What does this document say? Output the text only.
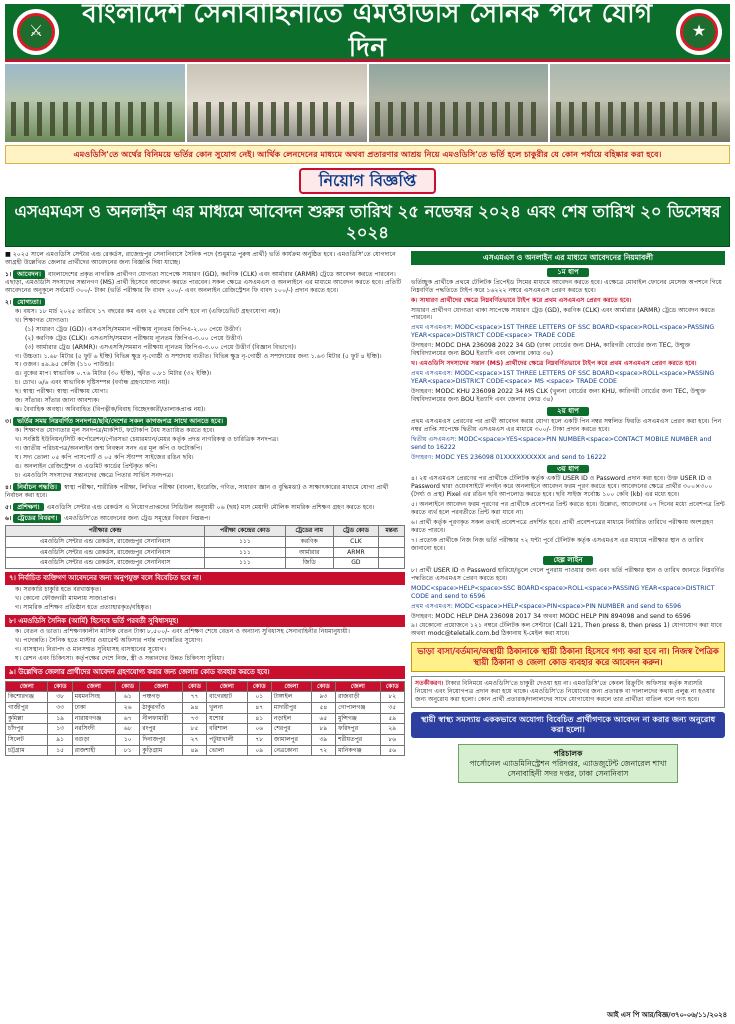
⚔
বাংলাদেশ সেনাবাহিনীতে এমওডিসি সৈনিক পদে যোগ দিন
★
এমওডিসি'তে অর্থের বিনিময়ে ভর্তির কোন সুযোগ নেই। আর্থিক লেনদেনের মাধ্যমে অথবা প্রতারণার আশ্রয় নিয়ে এমওডিসি'তে ভর্তি হলে চাকুরীর যে কোন পর্যায়ে বহিষ্কার করা হবে।
নিয়োগ বিজ্ঞপ্তি
এসএমএস ও অনলাইন এর মাধ্যমে আবেদন শুরুর তারিখ ২৫ নভেম্বর ২০২৪ এবং শেষ তারিখ ২০ ডিসেম্বর ২০২৪
■ ২০২৫ সালে এমওডিসি সেন্টার এন্ড রেকর্ডস, রাজেন্দ্রপুর সেনানিবাসে সৈনিক পদে (শুধুমাত্র পুরুষ প্রার্থী) ভর্তি কার্যক্রম অনুষ্ঠিত হবে। এমওডিসি'তে যোগদানে আগ্রহী উল্লেখিত জেলার প্রার্থীদের আবেদনের জন্য বিজ্ঞপ্তি দিয়া যাচ্ছে।
১। আবেদন। বাংলাদেশের প্রকৃত নাগরিক প্রার্থীগণ যোগ্যতা সাপেক্ষে সাধারণ (GD), করণিক (CLK) এবং আর্মারার (ARMR) ট্রেডে আবেদন করতে পারবেন। এছাড়া, এমওডিসি সদস্যদের সন্তানগণ (MS) প্রার্থী হিসেবে আবেদন করতে পারবেন। সকল ক্ষেত্রে এসএমএস ও অনলাইনে এর মাধ্যমে আবেদন করতে হবে। প্রতিটি আবেদনের অনুকূলে সর্বমোট ৩০০/- টাকা (ভর্তি পরীক্ষার ফি বাবদ ২০০/- এবং অনলাইন রেজিস্ট্রেশন ফি বাবদ ১০০/-) প্রদান করতে হবে।
২। যোগ্যতা।
ক। বয়স। ১৮ মার্চ ২০২৫ তারিখে ১৭ বছরের কম এবং ২৫ বছরের বেশি হবে না (এফিডেভিট গ্রহণযোগ্য নয়)।
খ। শিক্ষাগত যোগ্যতা।
(১) সাধারণ ট্রেড (GD)। এসএসসি/সমমান পরীক্ষায় ন্যূনতম জিপিএ-২.০০ পেয়ে উত্তীর্ণ।
(২) করণিক ট্রেড (CLK)। এসএসসি/সমমান পরীক্ষায় ন্যূনতম জিপিএ-৩.০০ পেয়ে উত্তীর্ণ।
(৩) আর্মারার ট্রেড (ARMR)। এসএসসি/সমমান পরীক্ষায় ন্যূনতম জিপিএ-৩.০০ পেয়ে উত্তীর্ণ (বিজ্ঞান বিভাগে)।
গ। উচ্চতা। ১.৬৮ মিটার (৫ ফুট ৬ ইঞ্চি) বিভিন্ন ক্ষুদ্র নৃ-গোষ্ঠী ও সম্প্রদায় ব্যতীত। বিভিন্ন ক্ষুদ্র নৃ-গোষ্ঠী ও সম্প্রদায়ের জন্য ১.৬৩ মিটার (৫ ফুট ৪ ইঞ্চি)।
ঘ। ওজন। ৪৯.৯৫ কেজি (১১০ পাউন্ড)।
ঙ। বুকের মাপ। স্বাভাবিক ০.৭৬ মিটার (৩০ ইঞ্চি), স্ফীত ০.৮১ মিটার (৩২ ইঞ্চি)।
চ। চোখ। ৬/৬ এবং স্বাভাবিক দৃষ্টিসম্পন্ন (বর্ণান্ধ গ্রহণযোগ্য নয়)।
ছ। স্বাস্থ্য পরীক্ষা। স্বাস্থ্য পরীক্ষায় যোগ্য।
জ। সাঁতার। সাঁতার জানা আবশ্যক।
ঝ। বৈবাহিক অবস্থা। অবিবাহিত (বিপত্নীক/বিবাহ বিচ্ছেদকারী/তালাকপ্রাপ্ত নয়)।
৩। ভর্তির সময় নিম্নবর্ণিত সনদপত্র/ছবি/দেশের সকল কাগজপত্র সাথে আনতে হবে।
ক। শিক্ষাগত যোগ্যতার মূল সনদপত্র/মার্কশিট, ফটোকপি বৈধ সত্যায়িত করতে হবে।
খ। সংশ্লিষ্ট ইউনিয়ন/সিটি কর্পোরেশন/পৌরসভা চেয়ারম্যান/মেয়র কর্তৃক প্রদত্ত নাগরিকত্ব ও চারিত্রিক সনদপত্র।
গ। জাতীয় পরিচয়পত্র/অনলাইন জন্ম নিবন্ধন সনদ এর মূল কপি ও ফটোকপি।
ঘ। সদ্য তোলা ০৫ কপি পাসপোর্ট ও ০৫ কপি স্ট্যাম্প সাইজের রঙিন ছবি।
ঙ। অনলাইন রেজিস্ট্রেশন ও এডমিট কার্ডের প্রিন্টকৃত কপি।
চ। এমওডিসি সদস্যদের সন্তানদের ক্ষেত্রে পিতার সার্ভিস সনদপত্র।
৪। নির্বাচন পদ্ধতি। স্বাস্থ্য পরীক্ষা, শারীরিক পরীক্ষা, লিখিত পরীক্ষা (বাংলা, ইংরেজি, গণিত, সাধারণ জ্ঞান ও বুদ্ধিমত্তা) ও সাক্ষাৎকারের মাধ্যমে যোগ্য প্রার্থী নির্বাচন করা হবে।
৫। প্রশিক্ষণ। এমওডিসি সেন্টার এন্ড রেকর্ডস এ নিয়োগপ্রাপ্তদের সিডিউল অনুযায়ী ০৬ (ছয়) মাস মেয়াদী মৌলিক সামরিক প্রশিক্ষণ গ্রহণ করতে হবে।
৬। ট্রেডের বিবরণ। এমওডিসি'তে আবেদনের জন্য ট্রেড সমূহের বিবরণ নিম্নরূপ।
পরীক্ষার কেন্দ্র	পরীক্ষা কেন্দ্রের কোড	ট্রেডের নাম	ট্রেড কোড	মন্তব্য
এমওডিসি সেন্টার এন্ড রেকর্ডস, রাজেন্দ্রপুর সেনানিবাস	১১১	করণিক	CLK	
এমওডিসি সেন্টার এন্ড রেকর্ডস, রাজেন্দ্রপুর সেনানিবাস	১১১	আর্মারার	ARMR	
এমওডিসি সেন্টার এন্ড রেকর্ডস, রাজেন্দ্রপুর সেনানিবাস	১১১	জিডি	GD	
৭। নির্বাচিত ব্যক্তিগণ আবেদনের জন্য অনুপযুক্ত বলে বিবেচিত হবে না।
ক। সরকারি চাকুরি হতে বরখাস্তকৃত।
খ। কোনো ফৌজদারী মামলায় সাজাপ্রাপ্ত।
গ। সামরিক প্রশিক্ষণ প্রতিষ্ঠান হতে প্রত্যাহারকৃত/বহিষ্কৃত।
৮। এমওডিসি সৈনিক (আর্মি) হিসেবে ভর্তি পরবর্তী সুবিধাসমূহ।
ক। বেতন ও ভাতা। প্রশিক্ষণকালীন মাসিক বেতন টাকা ৮,৫০০/- এবং প্রশিক্ষণ শেষে বেতন ও অন্যান্য সুবিধাসহ সেনাবাহিনীর নিয়মানুযায়ী।
খ। পদোন্নতি। সৈনিক হতে মাস্টার ওয়ারেন্ট অফিসার পর্যন্ত পদোন্নতির সুযোগ।
গ। বাসস্থান। নিরাপদ ও মানসম্মত সুবিধাসহ বাসস্থানের সুযোগ।
ঘ। রেশন এবং চিকিৎসা। কর্তৃপক্ষের দেশে নিজ, স্ত্রী ও সন্তানদের উন্নত চিকিৎসা সুবিধা।
৯। উল্লেখিত জেলার প্রার্থীদের আবেদন গ্রহণযোগ্য করার জন্য জেলার কোড ব্যবহার করতে হবে।
জেলা	কোড	জেলা	কোড	জেলা	কোড	জেলা	কোড	জেলা	কোড	জেলা	কোড
কিশোরগঞ্জ	৩৮	ময়মনসিংহ	৬১	পঞ্চগড়	৭৭	বাগেরহাট	০১	টাঙ্গাইল	৯৩	রাজবাড়ী	৮২
গাজীপুর	৩৩	ঢাকা	২৬	ঠাকুরগাঁও	৯৪	খুলনা	৪৭	মাদারীপুর	৫৪	গোপালগঞ্জ	৩৫
কুমিল্লা	১৯	নারায়ণগঞ্জ	৬৭	নীলফামারী	৭৩	যশোর	৪১	নড়াইল	৬৫	মুন্সিগঞ্জ	৫৯
চাঁদপুর	১৩	নরসিংদী	৬৮	রংপুর	৮৫	বরিশাল	০৬	শেরপুর	৮৯	ফরিদপুর	২৯
সিলেট	৯১	বগুড়া	১০	দিনাজপুর	২৭	পটুয়াখালী	৭৮	জামালপুর	৩৯	শরীয়তপুর	৮৬
চট্টগ্রাম	১৫	রাজশাহী	৮১	কুড়িগ্রাম	৪৯	ভোলা	০৯	নেত্রকোনা	৭২	মানিকগঞ্জ	৫৬
এসএমএস ও অনলাইন এর মাধ্যমে আবেদনের নিয়মাবলী
১ম ধাপ
ভর্তিচ্ছুক প্রার্থীকে প্রথমে টেলিটক প্রিপেইড সিমের মাধ্যমে আবেদন করতে হবে। এক্ষেত্রে মোবাইল ফোনের মেসেজ অপশনে গিয়ে নিম্নবর্ণিত পদ্ধতিতে টাইপ করে ১৬২২২ নম্বরে এসএমএস প্রেরণ করতে হবে।
ক। সাধারণ প্রার্থীদের ক্ষেত্রে নিম্নবর্ণিতভাবে টাইপ করে প্রথম এসএমএস প্রেরণ করতে হবে।
সাধারণ প্রার্থীগণ যোগ্যতা থাকা সাপেক্ষে সাধারণ ট্রেড (GD), করণিক (CLK) এবং আর্মারার (ARMR) ট্রেডে আবেদন করতে পারবেন।
প্রথম এসএমএস: MODC<space>1ST THREE LETTERS OF SSC BOARD<space>ROLL<space>PASSING YEAR<space>DISTRICT CODE<space> TRADE CODE
উদাহরণ: MODC DHA 236098 2022 34 GD (ঢাকা বোর্ডের জন্য DHA, কারিগরী বোর্ডের জন্য TEC, উন্মুক্ত বিশ্ববিদ্যালয়ের জন্য BOU ইত্যাদি এবং জেলার কোড ৩৪)
খ। এমওডিসি সদস্যদের সন্তান (MS) প্রার্থীদের ক্ষেত্রে নিম্নবর্ণিতভাবে টাইপ করে প্রথম এসএমএস প্রেরণ করতে হবে।
প্রথম এসএমএস: MODC<space>1ST THREE LETTERS OF SSC BOARD<space>ROLL<space>PASSING YEAR<space>DISTRICT CODE<space> MS <space> TRADE CODE
উদাহরণ: MODC KHU 236098 2022 34 MS CLK (খুলনা বোর্ডের জন্য KHU, কারিগরী বোর্ডের জন্য TEC, উন্মুক্ত বিশ্ববিদ্যালয়ের জন্য BOU ইত্যাদি এবং জেলার কোড ৩৪)
২য় ধাপ
প্রথম এসএমএস প্রেরণের পর প্রার্থী আবেদন করার যোগ্য হলে একটি পিন নম্বর সম্বলিত ফিরতি এসএমএস প্রেরণ করা হবে। পিন নম্বর প্রাপ্তি সাপেক্ষে দ্বিতীয় এসএমএস এর মাধ্যমে ৩০০/- টাকা প্রদান করতে হবে।
দ্বিতীয় এসএমএস: MODC<space>YES<space>PIN NUMBER<space>CONTACT MOBILE NUMBER and send to 16222
উদাহরণ: MODC YES 236098 01XXXXXXXXXX and send to 16222
৩য় ধাপ
৪। ২য় এসএমএস প্রেরণের পর প্রার্থীকে টেলিটক কর্তৃক একটি USER ID ও Password প্রদান করা হবে। উক্ত USER ID ও Password দ্বারা ওয়েবসাইটে লগইন করে অনলাইনে আবেদন ফরম পূরণ করতে হবে। আবেদনের ক্ষেত্রে প্রার্থীর ৩০০×৩০০ (দৈর্ঘ্য ও প্রস্থ) Pixel এর রঙিন ছবি আপলোড করতে হবে। ছবি সাইজ সর্বোচ্চ ১০০ কেবি (kb) এর মধ্যে হবে।
৫। অনলাইনে আবেদন ফরম পূরণের পর প্রার্থীকে প্রবেশপত্র প্রিন্ট করতে হবে। উল্লেখ্য, আবেদনের ০৭ দিনের মধ্যে প্রবেশপত্র প্রিন্ট করতে ব্যর্থ হলে পরবর্তীতে প্রিন্ট করা যাবে না।
৬। প্রার্থী কর্তৃক পূরণকৃত সকল তথ্যই প্রবেশপত্রে প্রদর্শিত হবে। প্রার্থী প্রবেশপত্রের মাধ্যমে নির্ধারিত তারিখে পরীক্ষায় অংশগ্রহণ করতে পারবে।
৭। প্রত্যেক প্রার্থীকে নিজ নিজ ভর্তি পরীক্ষার ৭২ ঘন্টা পূর্বে টেলিটক কর্তৃক এসএমএস এর মাধ্যমে পরীক্ষার স্থান ও তারিখ জানানো হবে।
হেল্প লাইন
৮। প্রার্থী USER ID ও Password হারিয়ে/ভুলে গেলে পুনরায় পাওয়ার জন্য এবং ভর্তি পরীক্ষার স্থান ও তারিখ জানতে নিম্নবর্ণিত পদ্ধতিতে এসএমএস প্রেরণ করতে হবে।
MODC<space>HELP<space>SSC BOARD<space>ROLL<space>PASSING YEAR<space>DISTRICT CODE and send to 6596
প্রথম এসএমএস: MODC<space>HELP<space>PIN<space>PIN NUMBER and send to 6596
উদাহরণ: MODC HELP DHA 236098 2017 34 অথবা MODC HELP PIN 894098 and send to 6596
৯। যেকোনো প্রয়োজনে ১২১ নম্বরে টেলিটক কল সেন্টারে (Call 121, Then press 8, then press 1) যোগাযোগ করা যাবে অথবা modc@teletalk.com.bd ঠিকানায় ই-মেইল করা যাবে।
ভাড়া বাসা/বর্তমান/অস্থায়ী ঠিকানাকে স্থায়ী ঠিকানা হিসেবে গণ্য করা হবে না। নিজস্ব পৈত্রিক স্থায়ী ঠিকানা ও জেলা কোড ব্যবহার করে আবেদন করুন।
সতর্কীকরণ। টাকার বিনিময়ে এমওডিসি'তে চাকুরী দেওয়া হয় না। এমওডিসি'তে কেবল রিক্রুটিং অফিসার কর্তৃক সরাসরি নিয়োগ এবং নিয়োগপত্র প্রদান করা হয়ে থাকে। এমওডিসি'তে নিয়োগের জন্য প্রতারক বা দালালদের কথায় প্রলুব্ধ না হওয়ার জন্য অনুরোধ করা হলো। কোন প্রার্থী প্রতারক/দালালদের সাথে যোগাযোগ করলে তার প্রার্থীতা বাতিল বলে গণ্য হবে।
স্থায়ী স্বাস্থ্য সমস্যায় এককভাবে অযোগ্য বিবেচিত প্রার্থীগণকে আবেদন না করার জন্য অনুরোধ করা হলো।
পরিচালক
পার্সোনেল এ্যাডমিনিস্ট্রেশন পরিদপ্তর, এ্যাডজুটেন্ট জেনারেল শাখা
সেনাবাহিনী সদর দপ্তর, ঢাকা সেনানিবাস
আই এস পি আর/বিজ্ঞ/৩৭০-০৬/১১/২০২৪
